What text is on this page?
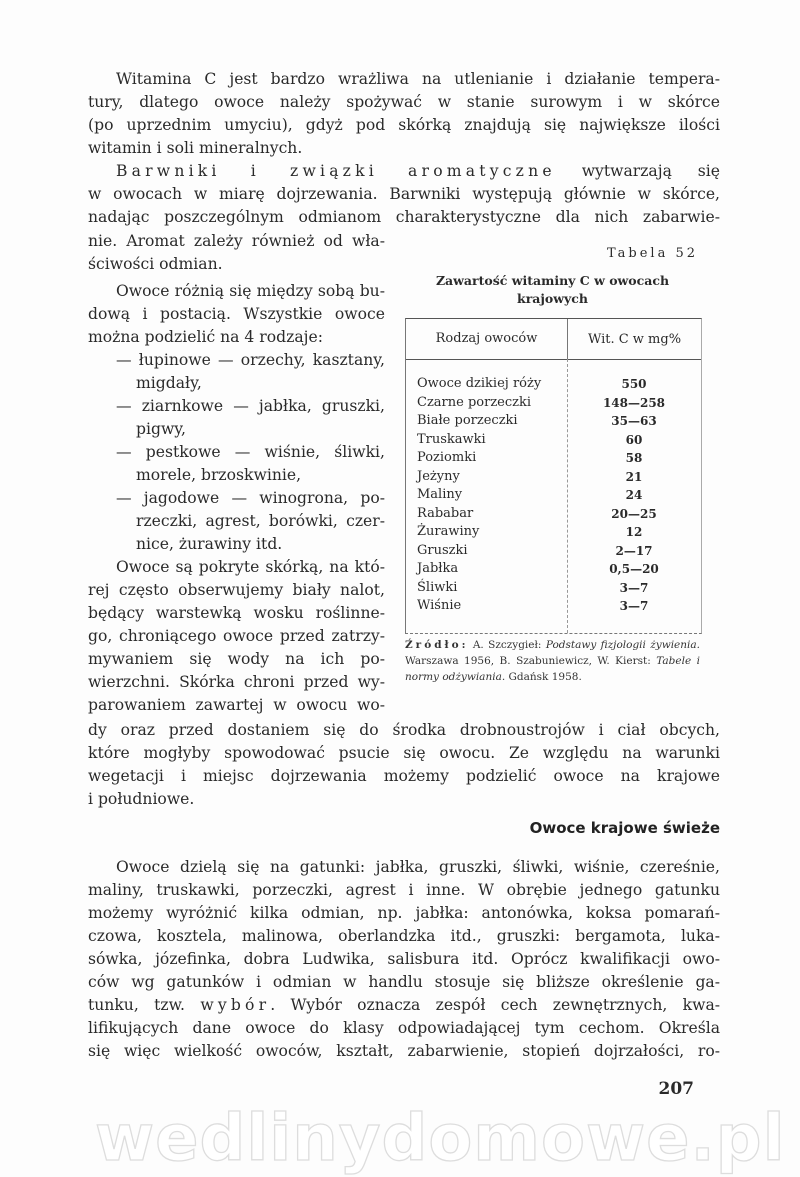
Witamina C jest bardzo wrażliwa na utlenianie i działanie tempera-
tury, dlatego owoce należy spożywać w stanie surowym i w skórce
(po uprzednim umyciu), gdyż pod skórką znajdują się największe ilości
witamin i soli mineralnych.
Barwniki i związki aromatyczne wytwarzają się
w owocach w miarę dojrzewania. Barwniki występują głównie w skórce,
nadając poszczególnym odmianom charakterystyczne dla nich zabarwie-
nie. Aromat zależy również od wła-
ściwości odmian.
Owoce różnią się między sobą bu-
dową i postacią. Wszystkie owoce
można podzielić na 4 rodzaje:
— łupinowe — orzechy, kasztany,
migdały,
— ziarnkowe — jabłka, gruszki,
pigwy,
— pestkowe — wiśnie, śliwki,
morele, brzoskwinie,
— jagodowe — winogrona, po-
rzeczki, agrest, borówki, czer-
nice, żurawiny itd.
Owoce są pokryte skórką, na któ-
rej często obserwujemy biały nalot,
będący warstewką wosku roślinne-
go, chroniącego owoce przed zatrzy-
mywaniem się wody na ich po-
wierzchni. Skórka chroni przed wy-
parowaniem zawartej w owocu wo-
dy oraz przed dostaniem się do środka drobnoustrojów i ciał obcych,
które mogłyby spowodować psucie się owocu. Ze względu na warunki
wegetacji i miejsc dojrzewania możemy podzielić owoce na krajowe
i południowe.
Owoce krajowe świeże
Owoce dzielą się na gatunki: jabłka, gruszki, śliwki, wiśnie, czereśnie,
maliny, truskawki, porzeczki, agrest i inne. W obrębie jednego gatunku
możemy wyróżnić kilka odmian, np. jabłka: antonówka, koksa pomarań-
czowa, kosztela, malinowa, oberlandzka itd., gruszki: bergamota, luka-
sówka, józefinka, dobra Ludwika, salisbura itd. Oprócz kwalifikacji owo-
ców wg gatunków i odmian w handlu stosuje się bliższe określenie ga-
tunku, tzw. wybór. Wybór oznacza zespół cech zewnętrznych, kwa-
lifikujących dane owoce do klasy odpowiadającej tym cechom. Określa
się więc wielkość owoców, kształt, zabarwienie, stopień dojrzałości, ro-
Tabela 52
Zawartość witaminy C w owocach krajowych
Rodzaj owoców	Wit. C w mg%
Owoce dzikiej róży	550
Czarne porzeczki	148—258
Białe porzeczki	35—63
Truskawki	60
Poziomki	58
Jeżyny	21
Maliny	24
Rababar	20—25
Żurawiny	12
Gruszki	2—17
Jabłka	0,5—20
Śliwki	3—7
Wiśnie	3—7
Źródło: A. Szczygieł: Podstawy fizjologii żywienia. Warszawa 1956, B. Szabuniewicz, W. Kierst: Tabele i normy odżywiania. Gdańsk 1958.
207
wedlinydomowe.pl
